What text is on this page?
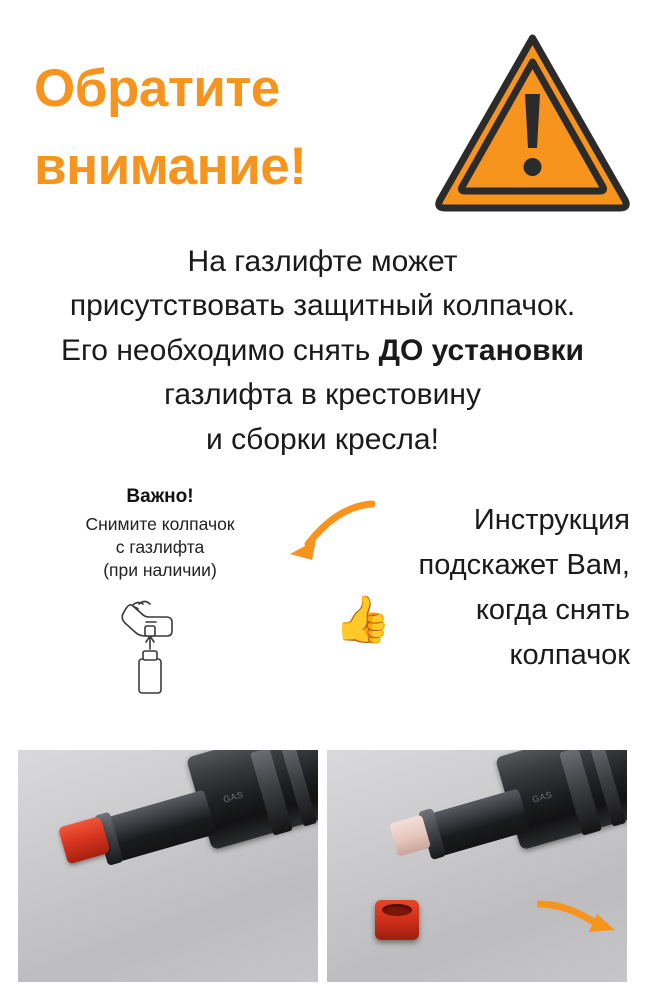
Обратите
внимание!
На газлифте может
присутствовать защитный колпачок.
Его необходимо снять ДО установки
газлифта в крестовину
и сборки кресла!
Важно!
Снимите колпачок
с газлифта
(при наличии)
Инструкция
подскажет Вам,
когда снять
колпачок
👍
GAS	GAS
